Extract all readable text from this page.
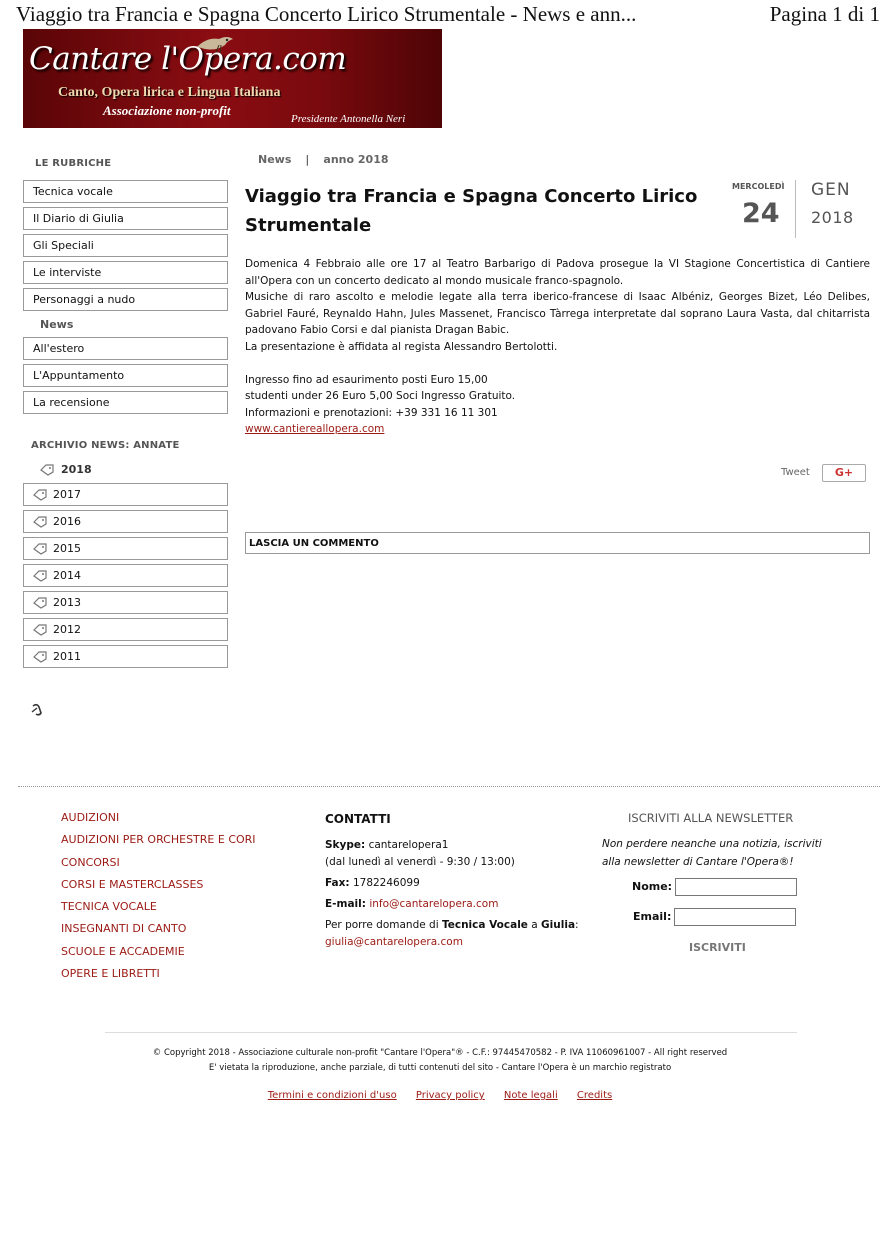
Viaggio tra Francia e Spagna Concerto Lirico Strumentale - News e ann...	Pagina 1 di 1
Cantare l'Opera.com
Canto, Opera lirica e Lingua Italiana
Associazione non-profit
Presidente Antonella Neri
LE RUBRICHE
Tecnica vocale
Il Diario di Giulia
Gli Speciali
Le interviste
Personaggi a nudo
News
All'estero
L'Appuntamento
La recensione
ARCHIVIO NEWS: ANNATE
2018
2017
2016
2015
2014
2013
2012
2011
News | anno 2018
Viaggio tra Francia e Spagna Concerto Lirico Strumentale
MERCOLEDÌ
24
GEN
2018

Domenica 4 Febbraio alle ore 17 al Teatro Barbarigo di Padova prosegue la VI Stagione Concertistica di Cantiere all'Opera con un concerto dedicato al mondo musicale franco-spagnolo.

Musiche di raro ascolto e melodie legate alla terra iberico-francese di Isaac Albéniz, Georges Bizet, Léo Delibes, Gabriel Fauré, Reynaldo Hahn, Jules Massenet, Francisco Tàrrega interpretate dal soprano Laura Vasta, dal chitarrista padovano Fabio Corsi e dal pianista Dragan Babic.

La presentazione è affidata al regista Alessandro Bertolotti.

Ingresso fino ad esaurimento posti Euro 15,00

studenti under 26 Euro 5,00 Soci Ingresso Gratuito.

Informazioni e prenotazioni: +39 331 16 11 301

www.cantiereallopera.com

Tweet	G+
LASCIA UN COMMENTO
AUDIZIONI
AUDIZIONI PER ORCHESTRE E CORI
CONCORSI
CORSI E MASTERCLASSES
TECNICA VOCALE
INSEGNANTI DI CANTO
SCUOLE E ACCADEMIE
OPERE E LIBRETTI
CONTATTI
Skype: cantarelopera1
(dal lunedì al venerdì - 9:30 / 13:00)
Fax: 1782246099
E-mail: info@cantarelopera.com
Per porre domande di Tecnica Vocale a Giulia:
giulia@cantarelopera.com
ISCRIVITI ALLA NEWSLETTER
Non perdere neanche una notizia, iscriviti alla newsletter di Cantare l'Opera®!
Nome:
Email:
ISCRIVITI
© Copyright 2018 - Associazione culturale non-profit "Cantare l'Opera"® - C.F.: 97445470582 - P. IVA 11060961007 - All right reserved
E' vietata la riproduzione, anche parziale, di tutti contenuti del sito - Cantare l'Opera è un marchio registrato
Termini e condizioni d'uso Privacy policy Note legali Credits
